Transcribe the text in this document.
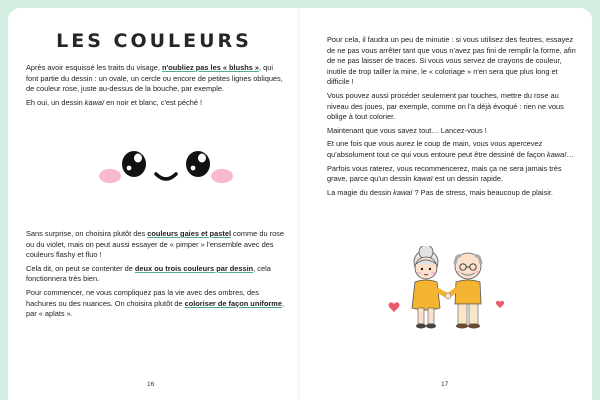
LES COULEURS

Après avoir esquissé les traits du visage, n'oubliez pas les « blushs », qui font partie du dessin : un ovale, un cercle ou encore de petites lignes obliques, de couleur rose, juste au-dessus de la bouche, par exemple.

Eh oui, un dessin kawaï en noir et blanc, c'est péché !

Sans surprise, on choisira plutôt des couleurs gaies et pastel comme du rose ou du violet, mais on peut aussi essayer de « pimper » l'ensemble avec des couleurs flashy et fluo !

Cela dit, on peut se contenter de deux ou trois couleurs par dessin, cela fonctionnera très bien.

Pour commencer, ne vous compliquez pas la vie avec des ombres, des hachures ou des nuances. On choisira plutôt de coloriser de façon uniforme, par « aplats ».

16

Pour cela, il faudra un peu de minutie : si vous utilisez des feutres, essayez de ne pas vous arrêter tant que vous n'avez pas fini de remplir la forme, afin de ne pas laisser de traces. Si vous vous servez de crayons de couleur, inutile de trop tailler la mine, le « coloriage » n'en sera que plus long et difficile !

Vous pouvez aussi procéder seulement par touches, mettre du rose au niveau des joues, par exemple, comme on l'a déjà évoqué : rien ne vous oblige à tout colorier.

Maintenant que vous savez tout… Lancez-vous !

Et une fois que vous aurez le coup de main, vous vous apercevez qu'absolument tout ce qui vous entoure peut être dessiné de façon kawaï…

Parfois vous raterez, vous recommencerez, mais ça ne sera jamais très grave, parce qu'un dessin kawaï est un dessin rapide.

La magie du dessin kawaï ? Pas de stress, mais beaucoup de plaisir.

17
